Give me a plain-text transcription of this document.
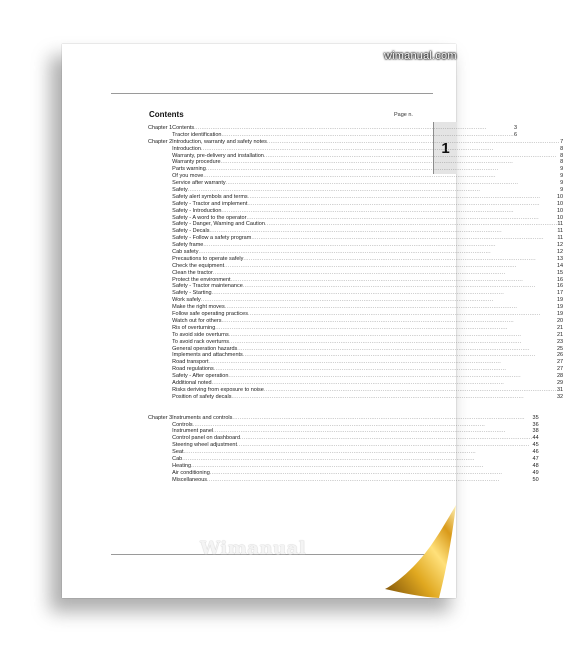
wimanual.com
1
Contents	Page n.
Chapter 1 Contents .....	3
Tractor identification .....	6
Chapter 2 Introduction, warranty and safety notes .....	7
Introduction .....	8
Warranty, pre-delivery and installation .....	8
Warranty procedure .....	8
Parts warning .....	9
Of you move .....	9
Service after warranty .....	9
Safety .....	9
Safety alert symbols and terms .....	10
Safety - Tractor and implement .....	10
Safety - Introduction .....	10
Safety - A word to the operator .....	10
Safety - Danger, Warning and Caution .....	11
Safety - Decals .....	11
Safety - Follow a safety program .....	11
Safety frame .....	12
Cab safety .....	12
Precautions to operate safely .....	13
Check the equipment .....	14
Clean the tractor .....	15
Protect the environment .....	16
Safety - Tractor maintenance .....	16
Safety - Starting .....	17
Work safely .....	19
Make the right moves .....	19
Follow safe operating practices .....	19
Watch out for others .....	20
Ris of overturning .....	21
To avoid side overturns .....	21
To avoid rack overturns .....	23
General operation hazards .....	25
Implements and attachments .....	26
Road transport .....	27
Road regulations .....	27
Safety - After operation .....	28
Additional noted .....	29
Risks deriving from exposure to noise .....	31
Position of safety decals .....	32
Chapter 3 Instruments and controls .....	35
Controls .....	36
Instrument panel .....	38
Control panel on dashboard .....	44
Steering wheel adjustment .....	45
Seat .....	46
Cab .....	47
Heating .....	48
Air conditioning .....	49
Miscellaneous .....	50
Wimanual
